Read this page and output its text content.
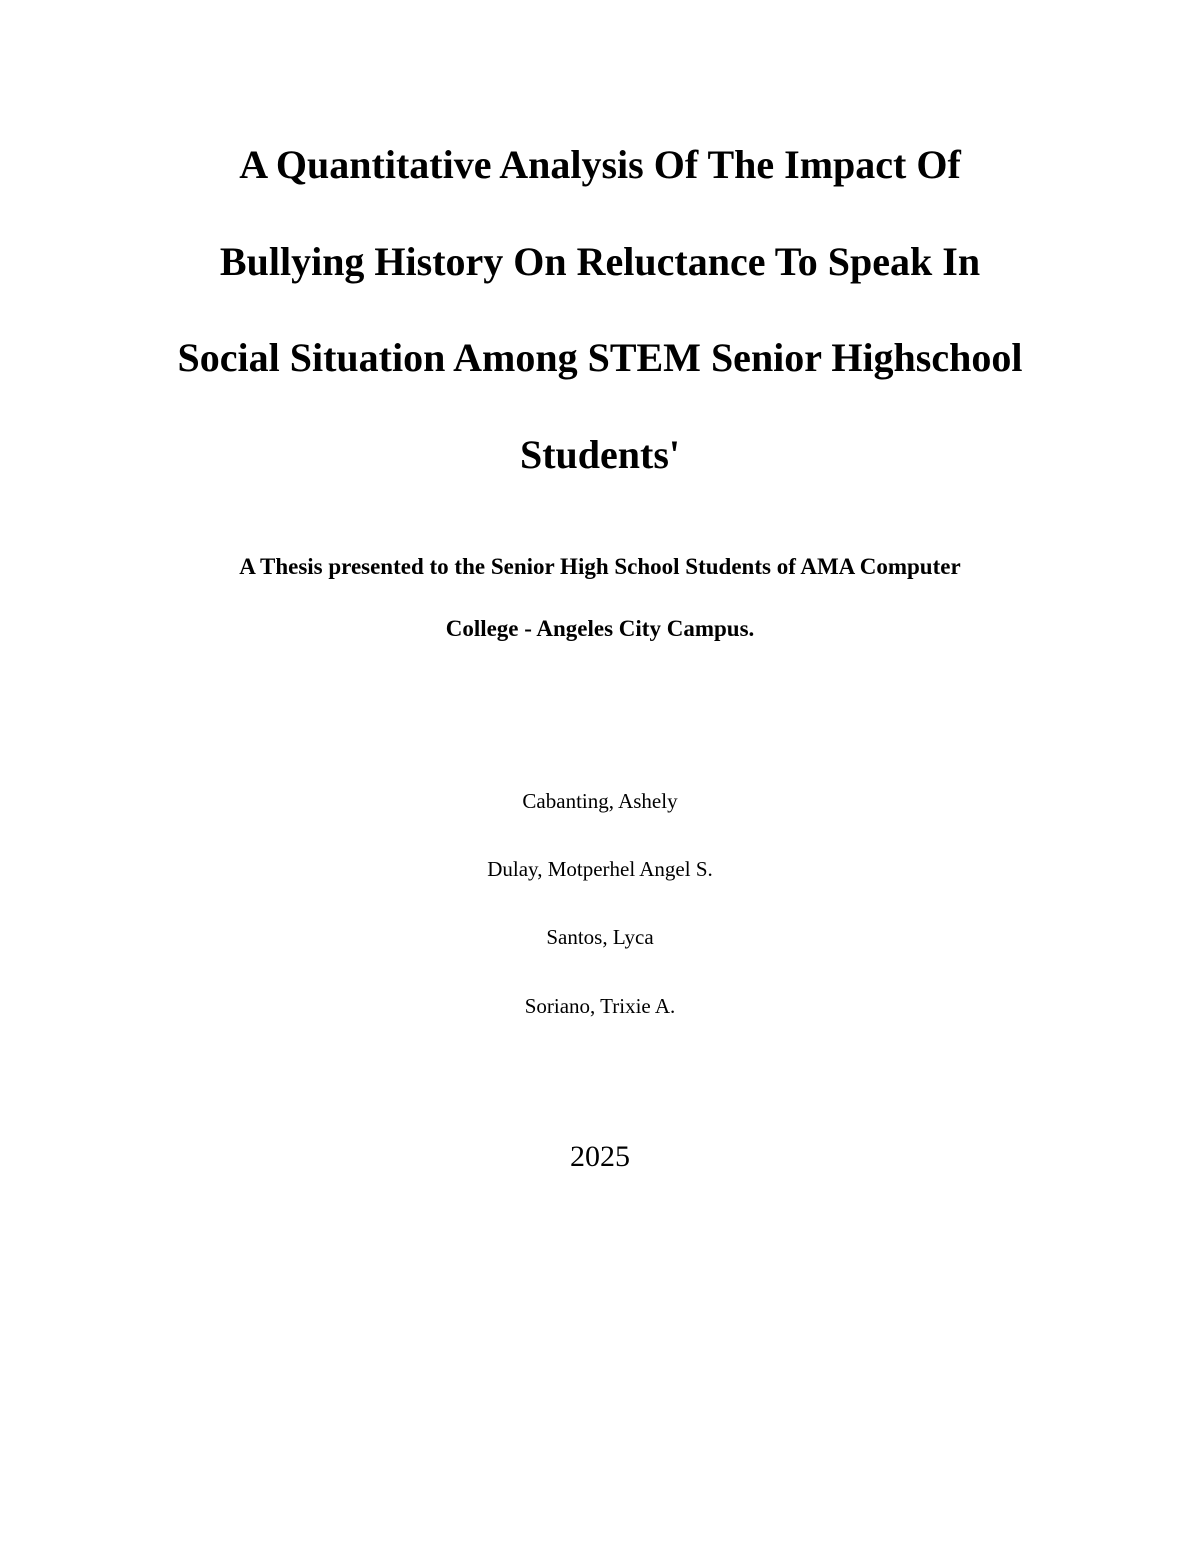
A Quantitative Analysis Of The Impact Of
Bullying History On Reluctance To Speak In
Social Situation Among STEM Senior Highschool
Students'

A Thesis presented to the Senior High School Students of AMA Computer

College - Angeles City Campus.

Cabanting, Ashely

Dulay, Motperhel Angel S.

Santos, Lyca

Soriano, Trixie A.

2025
